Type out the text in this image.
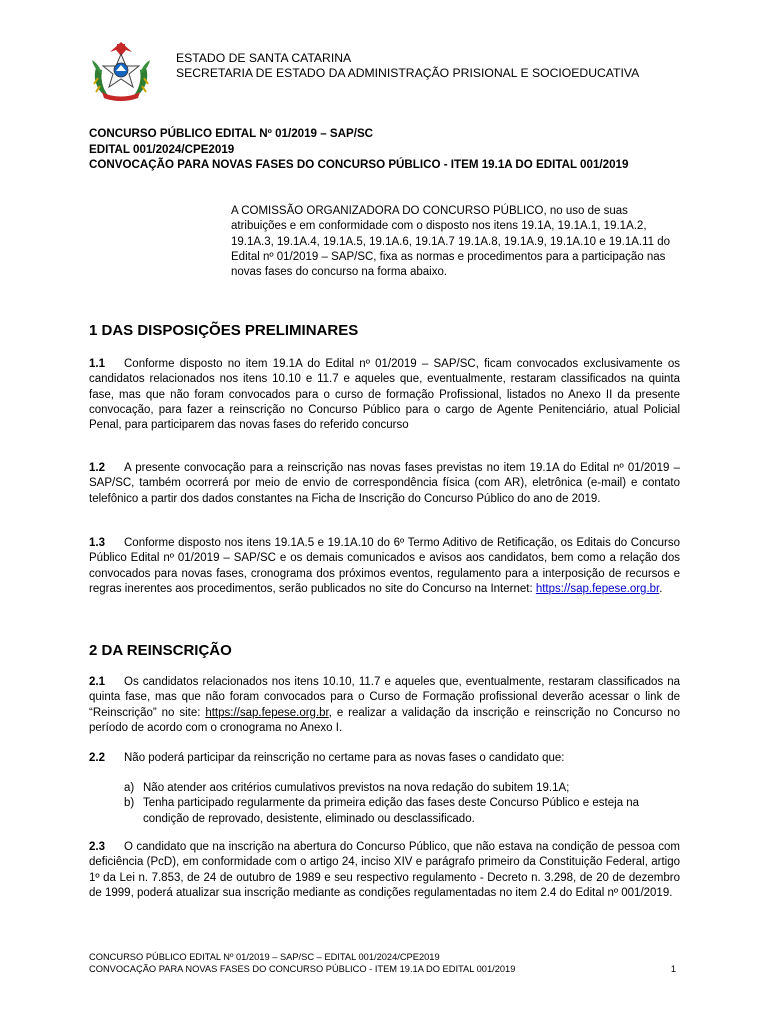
ESTADO DE SANTA CATARINA
SECRETARIA DE ESTADO DA ADMINISTRAÇÃO PRISIONAL E SOCIOEDUCATIVA
CONCURSO PÚBLICO EDITAL Nº 01/2019 – SAP/SC
EDITAL 001/2024/CPE2019
CONVOCAÇÃO PARA NOVAS FASES DO CONCURSO PÚBLICO - ITEM 19.1A DO EDITAL 001/2019
A COMISSÃO ORGANIZADORA DO CONCURSO PÚBLICO, no uso de suas atribuições e em conformidade com o disposto nos itens 19.1A, 19.1A.1, 19.1A.2, 19.1A.3, 19.1A.4, 19.1A.5, 19.1A.6, 19.1A.7 19.1A.8, 19.1A.9, 19.1A.10 e 19.1A.11 do Edital nº 01/2019 – SAP/SC, fixa as normas e procedimentos para a participação nas novas fases do concurso na forma abaixo.
1 DAS DISPOSIÇÕES PRELIMINARES
1.1 Conforme disposto no item 19.1A do Edital nº 01/2019 – SAP/SC, ficam convocados exclusivamente os candidatos relacionados nos itens 10.10 e 11.7 e aqueles que, eventualmente, restaram classificados na quinta fase, mas que não foram convocados para o curso de formação Profissional, listados no Anexo II da presente convocação, para fazer a reinscrição no Concurso Público para o cargo de Agente Penitenciário, atual Policial Penal, para participarem das novas fases do referido concurso
1.2 A presente convocação para a reinscrição nas novas fases previstas no item 19.1A do Edital nº 01/2019 – SAP/SC, também ocorrerá por meio de envio de correspondência física (com AR), eletrônica (e-mail) e contato telefônico a partir dos dados constantes na Ficha de Inscrição do Concurso Público do ano de 2019.
1.3 Conforme disposto nos itens 19.1A.5 e 19.1A.10 do 6º Termo Aditivo de Retificação, os Editais do Concurso Público Edital nº 01/2019 – SAP/SC e os demais comunicados e avisos aos candidatos, bem como a relação dos convocados para novas fases, cronograma dos próximos eventos, regulamento para a interposição de recursos e regras inerentes aos procedimentos, serão publicados no site do Concurso na Internet: https://sap.fepese.org.br.
2 DA REINSCRIÇÃO
2.1 Os candidatos relacionados nos itens 10.10, 11.7 e aqueles que, eventualmente, restaram classificados na quinta fase, mas que não foram convocados para o Curso de Formação profissional deverão acessar o link de “Reinscrição” no site: https://sap.fepese.org.br, e realizar a validação da inscrição e reinscrição no Concurso no período de acordo com o cronograma no Anexo I.
2.2 Não poderá participar da reinscrição no certame para as novas fases o candidato que:
a) Não atender aos critérios cumulativos previstos na nova redação do subitem 19.1A;
b) Tenha participado regularmente da primeira edição das fases deste Concurso Público e esteja na condição de reprovado, desistente, eliminado ou desclassificado.
2.3 O candidato que na inscrição na abertura do Concurso Público, que não estava na condição de pessoa com deficiência (PcD), em conformidade com o artigo 24, inciso XIV e parágrafo primeiro da Constituição Federal, artigo 1º da Lei n. 7.853, de 24 de outubro de 1989 e seu respectivo regulamento - Decreto n. 3.298, de 20 de dezembro de 1999, poderá atualizar sua inscrição mediante as condições regulamentadas no item 2.4 do Edital nº 001/2019.
CONCURSO PÚBLICO EDITAL Nº 01/2019 – SAP/SC – EDITAL 001/2024/CPE2019
CONVOCAÇÃO PARA NOVAS FASES DO CONCURSO PÚBLICO - ITEM 19.1A DO EDITAL 001/2019	1
